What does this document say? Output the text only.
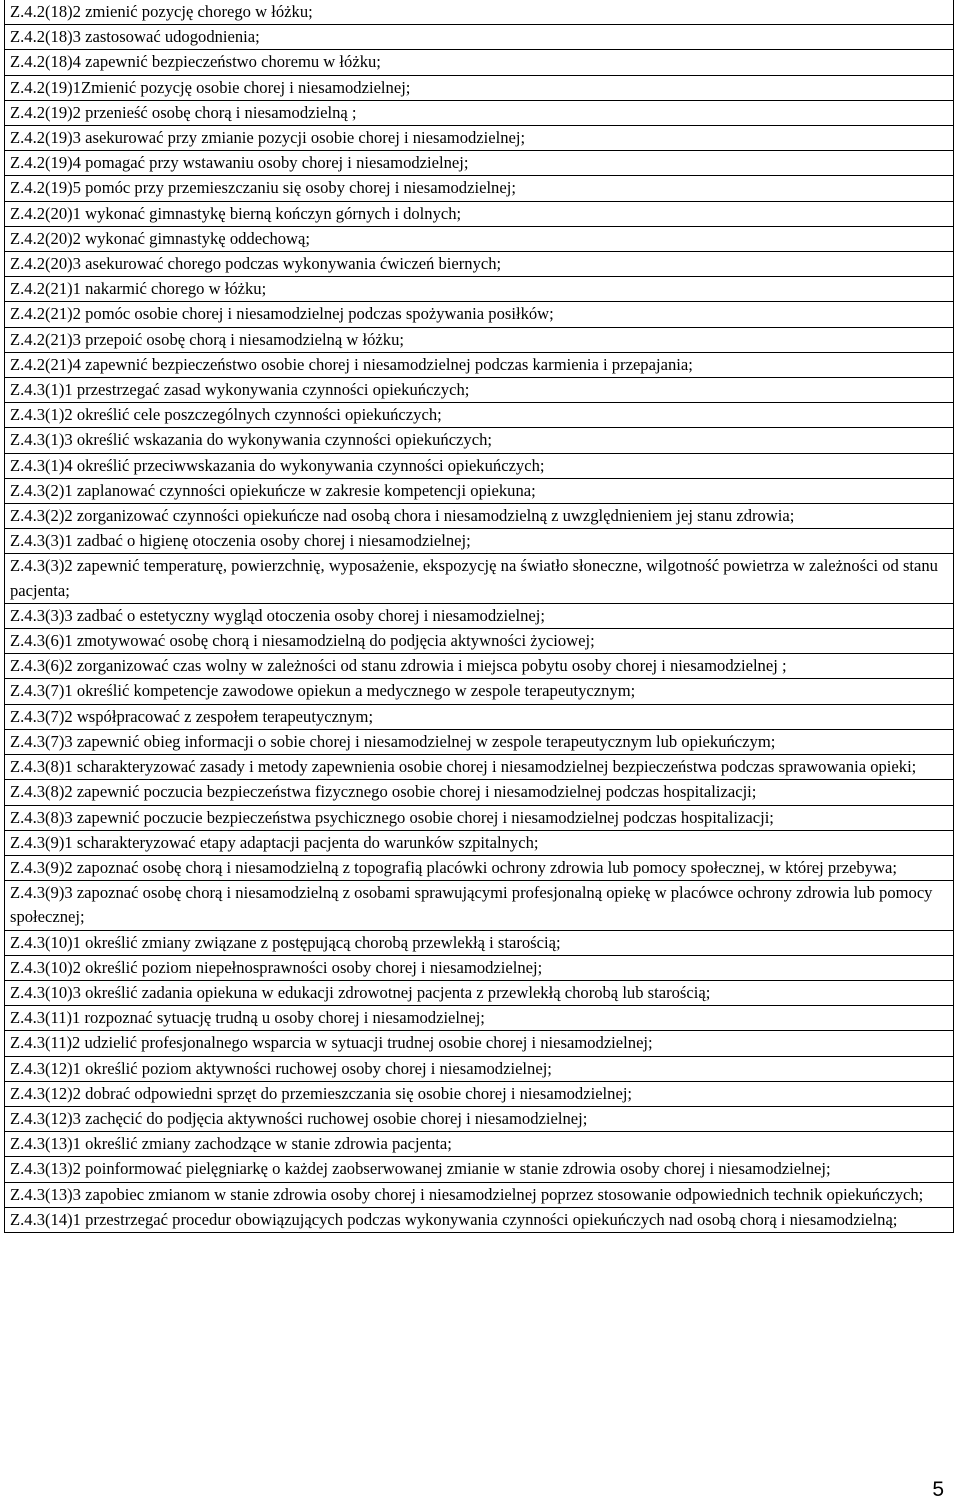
Z.4.2(18)2 zmienić pozycję chorego w łóżku;
Z.4.2(18)3 zastosować udogodnienia;
Z.4.2(18)4 zapewnić bezpieczeństwo choremu w łóżku;
Z.4.2(19)1Zmienić pozycję osobie chorej i niesamodzielnej;
Z.4.2(19)2 przenieść osobę chorą i niesamodzielną ;
Z.4.2(19)3 asekurować przy zmianie pozycji osobie chorej i niesamodzielnej;
Z.4.2(19)4 pomagać przy wstawaniu osoby chorej i niesamodzielnej;
Z.4.2(19)5 pomóc przy przemieszczaniu się osoby chorej i niesamodzielnej;
Z.4.2(20)1 wykonać gimnastykę bierną kończyn górnych i dolnych;
Z.4.2(20)2 wykonać gimnastykę oddechową;
Z.4.2(20)3 asekurować chorego podczas wykonywania ćwiczeń biernych;
Z.4.2(21)1 nakarmić chorego w łóżku;
Z.4.2(21)2 pomóc osobie chorej i niesamodzielnej podczas spożywania posiłków;
Z.4.2(21)3 przepoić osobę chorą i niesamodzielną w łóżku;
Z.4.2(21)4 zapewnić bezpieczeństwo osobie chorej i niesamodzielnej podczas karmienia i przepajania;
Z.4.3(1)1 przestrzegać zasad wykonywania czynności opiekuńczych;
Z.4.3(1)2 określić cele poszczególnych czynności opiekuńczych;
Z.4.3(1)3 określić wskazania do wykonywania czynności opiekuńczych;
Z.4.3(1)4 określić przeciwwskazania do wykonywania czynności opiekuńczych;
Z.4.3(2)1 zaplanować czynności opiekuńcze w zakresie kompetencji opiekuna;
Z.4.3(2)2 zorganizować czynności opiekuńcze nad osobą chora i niesamodzielną z uwzględnieniem jej stanu zdrowia;
Z.4.3(3)1 zadbać o higienę otoczenia osoby chorej i niesamodzielnej;
Z.4.3(3)2 zapewnić temperaturę, powierzchnię, wyposażenie, ekspozycję na światło słoneczne, wilgotność powietrza w zależności od stanu pacjenta;
Z.4.3(3)3 zadbać o estetyczny wygląd otoczenia osoby chorej i niesamodzielnej;
Z.4.3(6)1 zmotywować osobę chorą i niesamodzielną do podjęcia aktywności życiowej;
Z.4.3(6)2 zorganizować czas wolny w zależności od stanu zdrowia i miejsca pobytu osoby chorej i niesamodzielnej ;
Z.4.3(7)1 określić kompetencje zawodowe opiekun a medycznego w zespole terapeutycznym;
Z.4.3(7)2 współpracować z zespołem terapeutycznym;
Z.4.3(7)3 zapewnić obieg informacji o sobie chorej i niesamodzielnej w zespole terapeutycznym lub opiekuńczym;
Z.4.3(8)1 scharakteryzować zasady i metody zapewnienia osobie chorej i niesamodzielnej bezpieczeństwa podczas sprawowania opieki;
Z.4.3(8)2 zapewnić poczucia bezpieczeństwa fizycznego osobie chorej i niesamodzielnej podczas hospitalizacji;
Z.4.3(8)3 zapewnić poczucie bezpieczeństwa psychicznego osobie chorej i niesamodzielnej podczas hospitalizacji;
Z.4.3(9)1 scharakteryzować etapy adaptacji pacjenta do warunków szpitalnych;
Z.4.3(9)2 zapoznać osobę chorą i niesamodzielną z topografią placówki ochrony zdrowia lub pomocy społecznej, w której przebywa;
Z.4.3(9)3 zapoznać osobę chorą i niesamodzielną z osobami sprawującymi profesjonalną opiekę w placówce ochrony zdrowia lub pomocy społecznej;
Z.4.3(10)1 określić zmiany związane z postępującą chorobą przewlekłą i starością;
Z.4.3(10)2 określić poziom niepełnosprawności osoby chorej i niesamodzielnej;
Z.4.3(10)3 określić zadania opiekuna w edukacji zdrowotnej pacjenta z przewlekłą chorobą lub starością;
Z.4.3(11)1 rozpoznać sytuację trudną u osoby chorej i niesamodzielnej;
Z.4.3(11)2 udzielić profesjonalnego wsparcia w sytuacji trudnej osobie chorej i niesamodzielnej;
Z.4.3(12)1 określić poziom aktywności ruchowej osoby chorej i niesamodzielnej;
Z.4.3(12)2 dobrać odpowiedni sprzęt do przemieszczania się osobie chorej i niesamodzielnej;
Z.4.3(12)3 zachęcić do podjęcia aktywności ruchowej osobie chorej i niesamodzielnej;
Z.4.3(13)1 określić zmiany zachodzące w stanie zdrowia pacjenta;
Z.4.3(13)2 poinformować pielęgniarkę o każdej zaobserwowanej zmianie w stanie zdrowia osoby chorej i niesamodzielnej;
Z.4.3(13)3 zapobiec zmianom w stanie zdrowia osoby chorej i niesamodzielnej poprzez stosowanie odpowiednich technik opiekuńczych;
Z.4.3(14)1 przestrzegać procedur obowiązujących podczas wykonywania czynności opiekuńczych nad osobą chorą i niesamodzielną;
5
